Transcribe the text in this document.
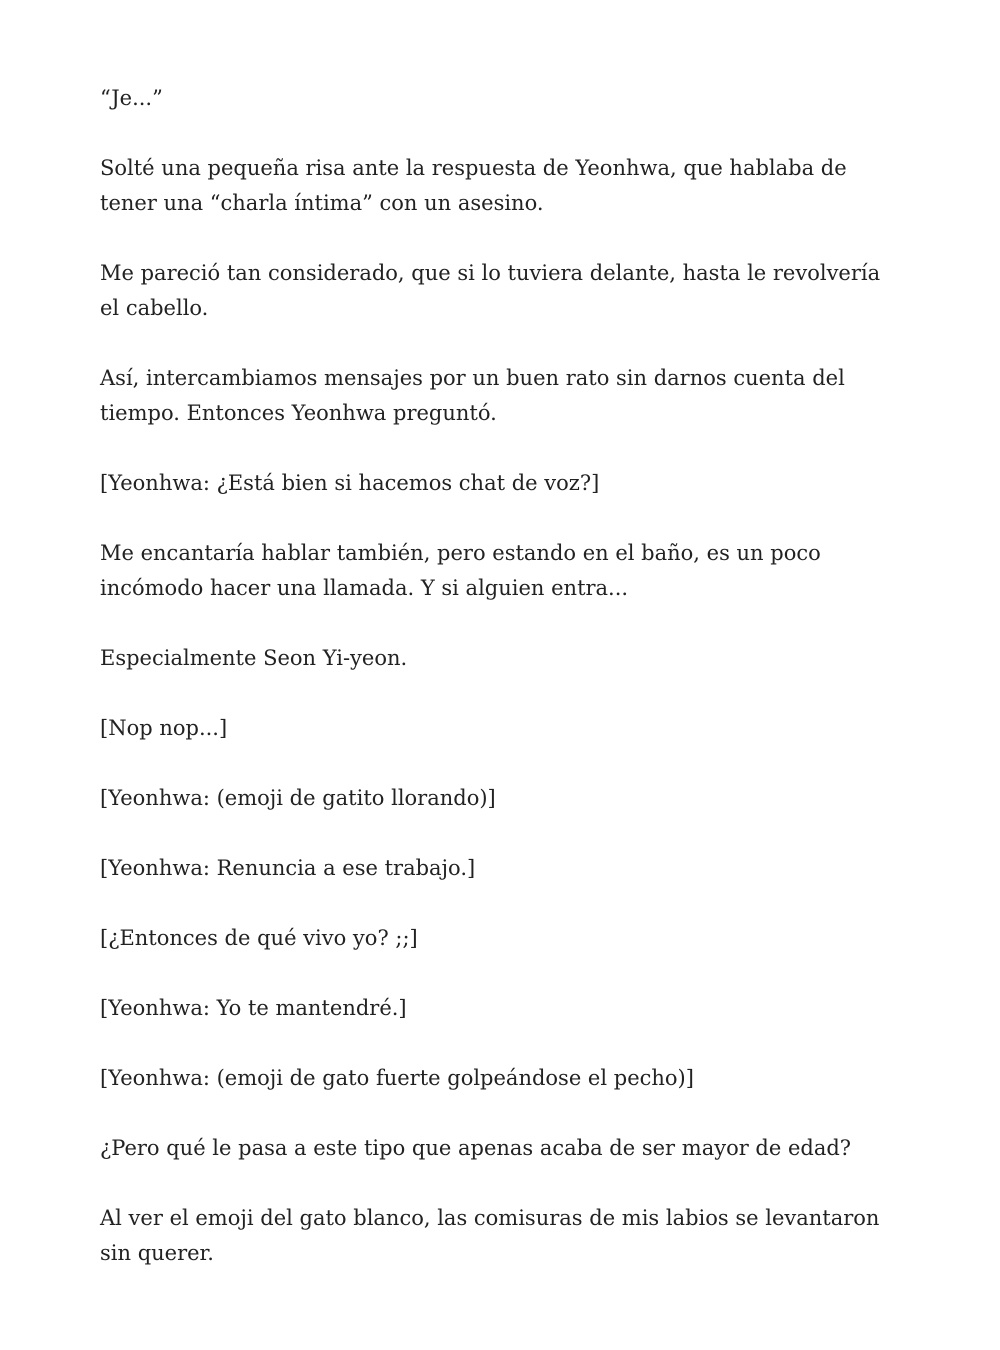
“Je...”

Solté una pequeña risa ante la respuesta de Yeonhwa, que hablaba de tener una “charla íntima” con un asesino.

Me pareció tan considerado, que si lo tuviera delante, hasta le revolvería el cabello.

Así, intercambiamos mensajes por un buen rato sin darnos cuenta del tiempo. Entonces Yeonhwa preguntó.

[Yeonhwa: ¿Está bien si hacemos chat de voz?]

Me encantaría hablar también, pero estando en el baño, es un poco incómodo hacer una llamada. Y si alguien entra...

Especialmente Seon Yi-yeon.

[Nop nop...]

[Yeonhwa: (emoji de gatito llorando)]

[Yeonhwa: Renuncia a ese trabajo.]

[¿Entonces de qué vivo yo? ;;]

[Yeonhwa: Yo te mantendré.]

[Yeonhwa: (emoji de gato fuerte golpeándose el pecho)]

¿Pero qué le pasa a este tipo que apenas acaba de ser mayor de edad?

Al ver el emoji del gato blanco, las comisuras de mis labios se levantaron sin querer.
